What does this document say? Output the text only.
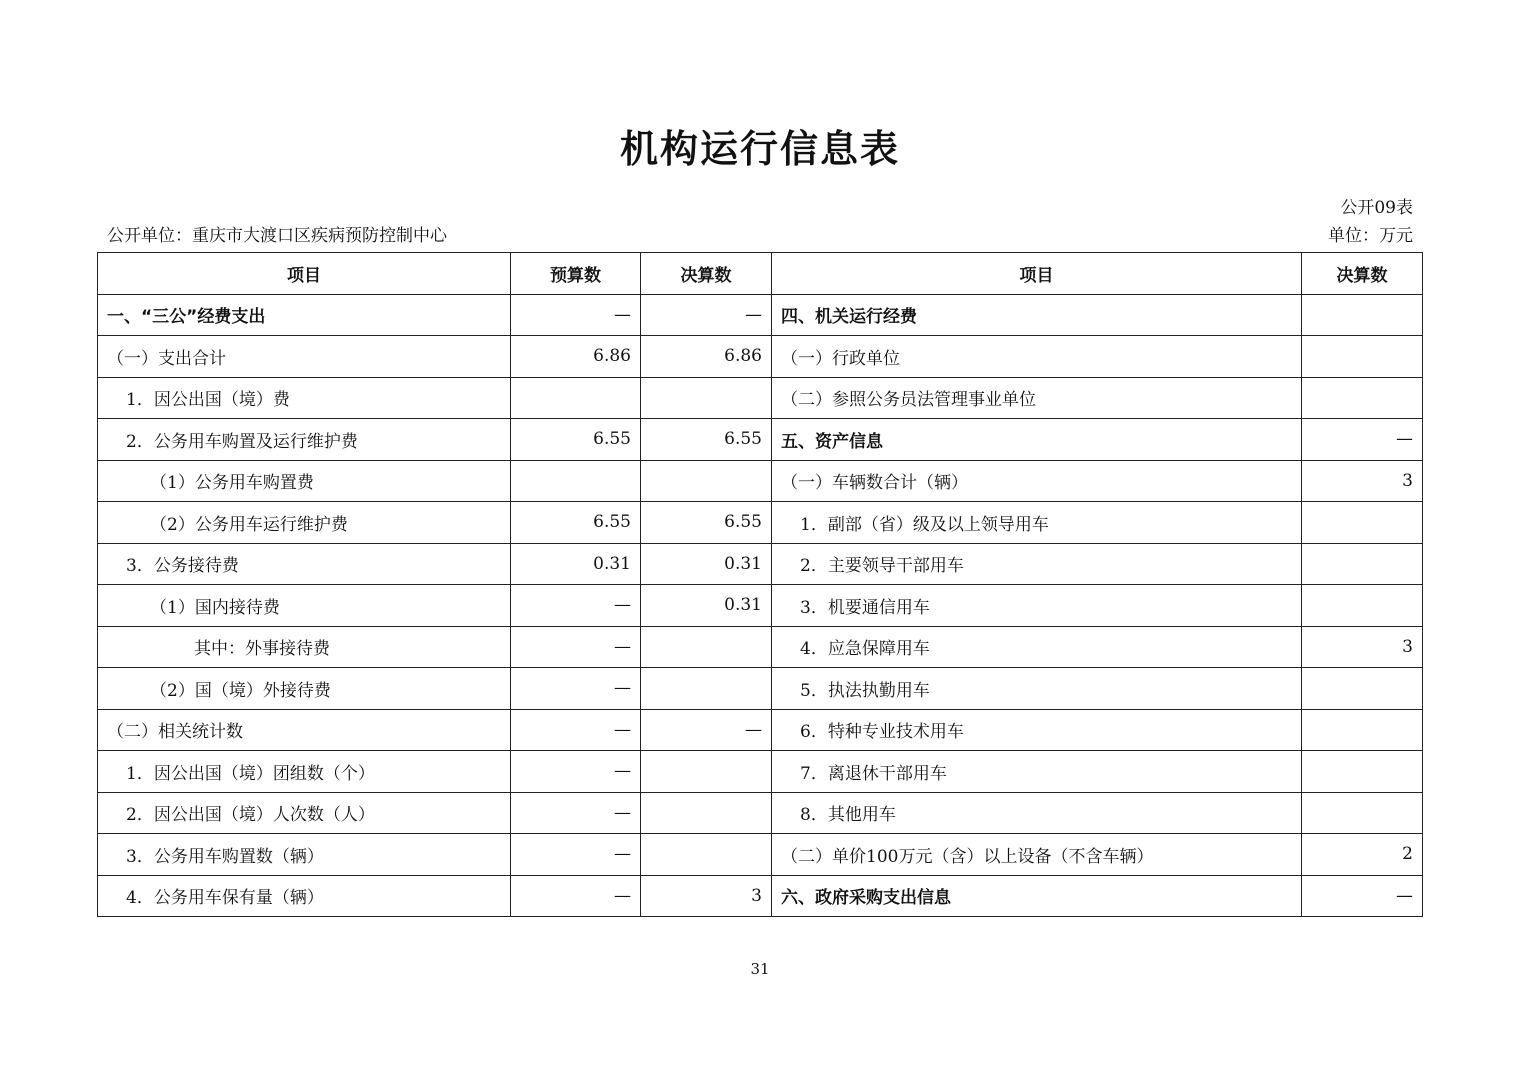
机构运行信息表
公开09表
公开单位：重庆市大渡口区疾病预防控制中心	单位：万元
项目	预算数	决算数	项目	决算数
一、“三公”经费支出	—	—	四、机关运行经费	
（一）支出合计	6.86	6.86	（一）行政单位	
1．因公出国（境）费			（二）参照公务员法管理事业单位	
2．公务用车购置及运行维护费	6.55	6.55	五、资产信息	—
（1）公务用车购置费			（一）车辆数合计（辆）	3
（2）公务用车运行维护费	6.55	6.55	1．副部（省）级及以上领导用车	
3．公务接待费	0.31	0.31	2．主要领导干部用车	
（1）国内接待费	—	0.31	3．机要通信用车	
其中：外事接待费	—		4．应急保障用车	3
（2）国（境）外接待费	—		5．执法执勤用车	
（二）相关统计数	—	—	6．特种专业技术用车	
1．因公出国（境）团组数（个）	—		7．离退休干部用车	
2．因公出国（境）人次数（人）	—		8．其他用车	
3．公务用车购置数（辆）	—		（二）单价100万元（含）以上设备（不含车辆）	2
4．公务用车保有量（辆）	—	3	六、政府采购支出信息	—
31
